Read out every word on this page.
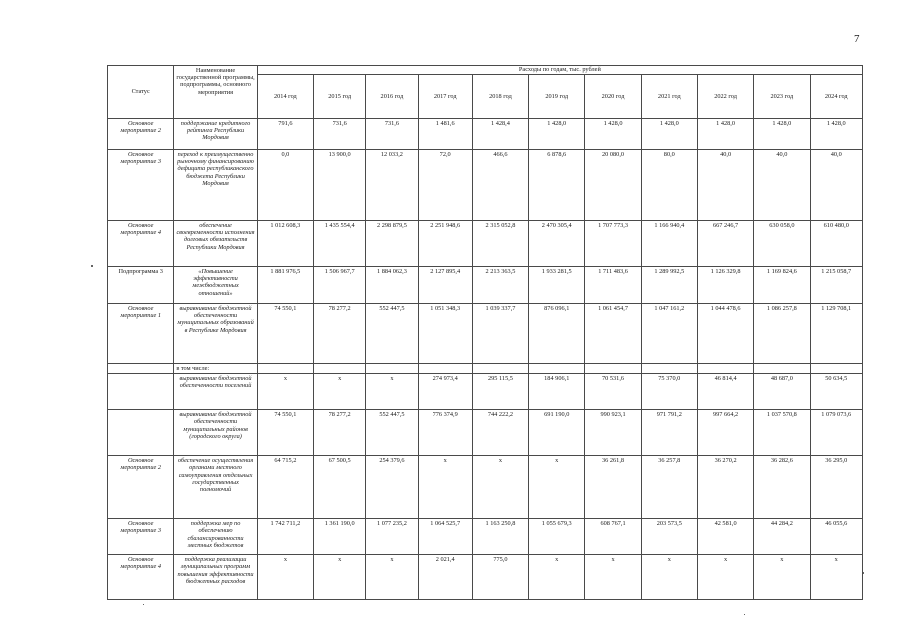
7
Статус	Наименование государственной программы, подпрограммы, основного мероприятия	Расходы по годам, тыс. рублей										
		2014 год	2015 год	2016 год	2017 год	2018 год	2019 год	2020 год	2021 год	2022 год	2023 год	2024 год
Основное мероприятие 2	поддержание кредитного рейтинга Республики Мордовия	791,6	731,6	731,6	1 481,6	1 428,4	1 428,0	1 428,0	1 428,0	1 428,0	1 428,0	1 428,0
Основное мероприятие 3	переход к преимущественно рыночному финансированию дефицита республиканского бюджета Республики Мордовия	0,0	13 900,0	12 033,2	72,0	466,6	6 878,6	20 080,0	80,0	40,0	40,0	40,0
Основное мероприятие 4	обеспечение своевременности исполнения долговых обязательств Республики Мордовия	1 012 608,3	1 435 554,4	2 298 879,5	2 251 948,6	2 315 052,8	2 470 305,4	1 707 773,3	1 166 940,4	667 246,7	630 058,0	610 480,0
Подпрограмма 3	«Повышение эффективности межбюджетных отношений»	1 881 976,5	1 506 967,7	1 884 062,3	2 127 895,4	2 213 363,5	1 933 281,5	1 711 483,6	1 289 992,5	1 126 329,8	1 169 824,6	1 215 058,7
Основное мероприятие 1	выравнивание бюджетной обеспеченности муниципальных образований в Республике Мордовия	74 550,1	78 277,2	552 447,5	1 051 348,3	1 039 337,7	876 096,1	1 061 454,7	1 047 161,2	1 044 478,6	1 086 257,8	1 129 708,1
	в том числе:											
	выравнивание бюджетной обеспеченности поселений	х	х	х	274 973,4	295 115,5	184 906,1	70 531,6	75 370,0	46 814,4	48 687,0	50 634,5
	выравнивание бюджетной обеспеченности муниципальных районов (городского округа)	74 550,1	78 277,2	552 447,5	776 374,9	744 222,2	691 190,0	990 923,1	971 791,2	997 664,2	1 037 570,8	1 079 073,6
Основное мероприятие 2	обеспечение осуществления органами местного самоуправления отдельных государственных полномочий	64 715,2	67 500,5	254 379,6	х	х	х	36 261,8	36 257,8	36 270,2	36 282,6	36 295,0
Основное мероприятие 3	поддержка мер по обеспечению сбалансированности местных бюджетов	1 742 711,2	1 361 190,0	1 077 235,2	1 064 525,7	1 163 250,8	1 055 679,3	608 767,1	203 573,5	42 581,0	44 284,2	46 055,6
Основное мероприятие 4	поддержка реализации муниципальных программ повышения эффективности бюджетных расходов	х	х	х	2 021,4	775,0	х	х	х	х	х	х
